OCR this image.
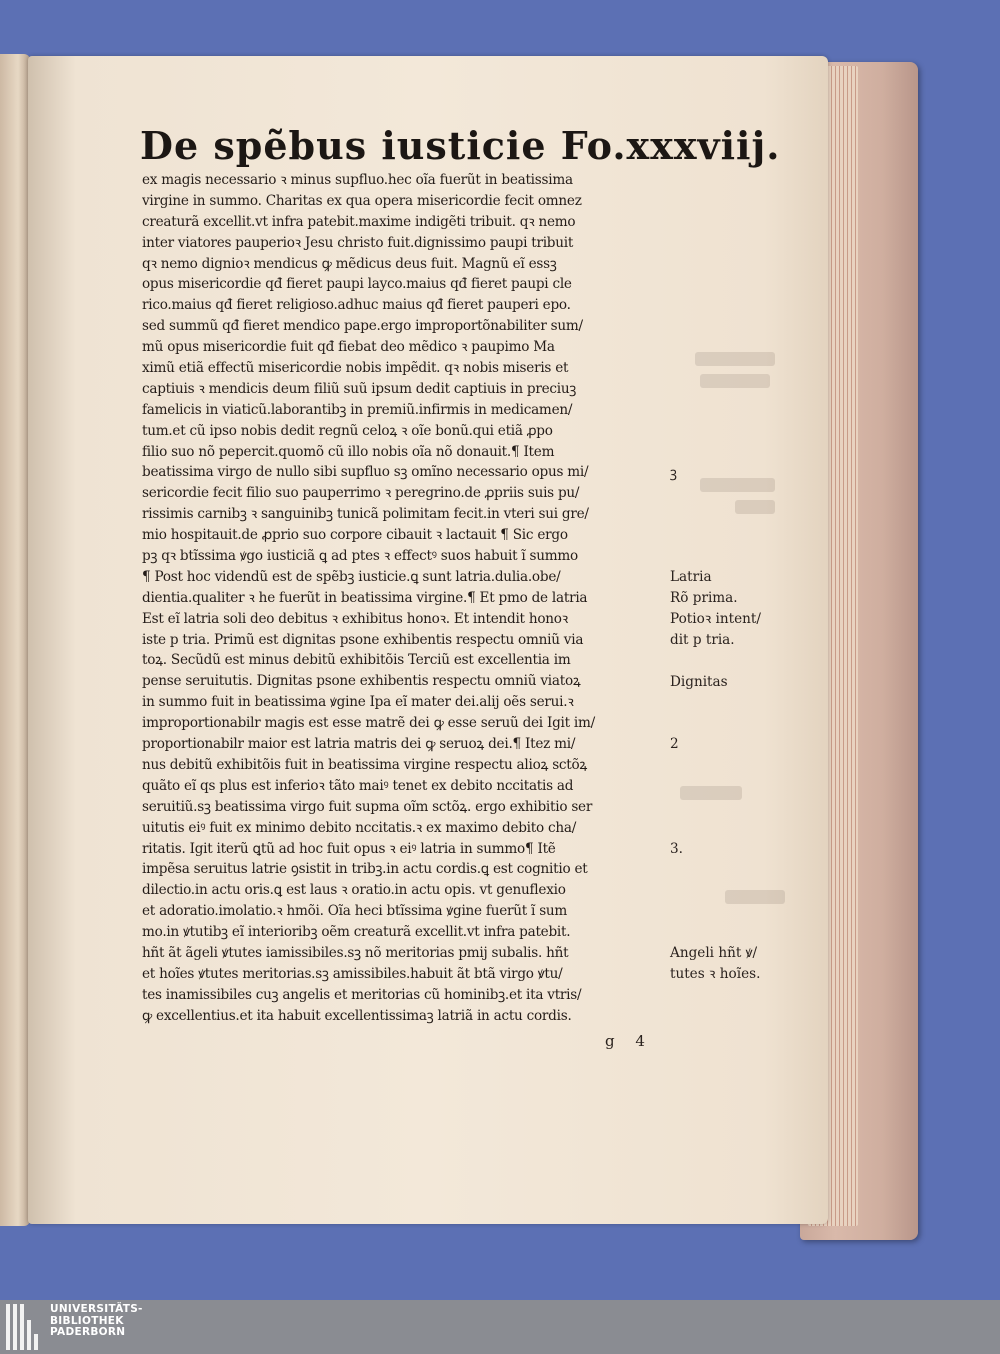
De spẽbus iusticie Fo.xxxviij.
ex magis necessario ꝛ minus supfluo.hec oĩa fuerũt in beatissima
virgine in summo. Charitas ex qua opera misericordie fecit omnez
creaturã excellit.vt infra patebit.maxime indigẽti tribuit. qꝛ nemo
inter viatores pauperioꝛ Jesu christo fuit.dignissimo paupi tribuit
qꝛ nemo dignioꝛ mendicus ꝙ mẽdicus deus fuit. Magnũ eĩ essꝫ
opus misericordie qđ fieret paupi layco.maius qđ fieret paupi cle
rico.maius qđ fieret religioso.adhuc maius qđ fieret pauperi epo.
sed summũ qđ fieret mendico pape.ergo improportõnabiliter sum/
mũ opus misericordie fuit qđ fiebat deo mẽdico ꝛ paupimo Ma
ximũ etiã effectũ misericordie nobis impẽdit. qꝛ nobis miseris et
captiuis ꝛ mendicis deum filiũ suũ ipsum dedit captiuis in preciuꝫ
famelicis in viaticũ.laborantibꝫ in premiũ.infirmis in medicamen/
tum.et cũ ipso nobis dedit regnũ celoꝝ ꝛ oĩe bonũ.qui etiã ꝓpo
filio suo nõ pepercit.quomõ cũ illo nobis oĩa nõ donauit.¶ Item
beatissima virgo de nullo sibi supfluo sꝫ omĩno necessario opus mi/
sericordie fecit filio suo pauperrimo ꝛ peregrino.de ꝓpriis suis pu/
rissimis carnibꝫ ꝛ sanguinibꝫ tunicã polimitam fecit.in vteri sui gre/
mio hospitauit.de ꝓprio suo corpore cibauit ꝛ lactauit ¶ Sic ergo
pꝫ qꝛ btĩssima ꝟgo iusticiã ꝗ ad ptes ꝛ effectꝰ suos habuit ĩ summo
¶ Post hoc videndũ est de spẽbꝫ iusticie.ꝗ sunt latria.dulia.obe/
dientia.qualiter ꝛ he fuerũt in beatissima virgine.¶ Et pmo de latria
Est eĩ latria soli deo debitus ꝛ exhibitus honoꝛ. Et intendit honoꝛ
iste p tria. Primũ est dignitas psone exhibentis respectu omniũ via
toꝝ. Secũdũ est minus debitũ exhibitõis Terciũ est excellentia im
pense seruitutis. Dignitas psone exhibentis respectu omniũ viatoꝝ
in summo fuit in beatissima ꝟgine Ipa eĩ mater dei.alij oẽs serui.ꝛ
improportionabilr magis est esse matrẽ dei ꝙ esse seruũ dei Igit im/
proportionabilr maior est latria matris dei ꝙ seruoꝝ dei.¶ Itez mi/
nus debitũ exhibitõis fuit in beatissima virgine respectu alioꝝ sctõꝝ
quãto eĩ qs plus est inferioꝛ tãto maiꝰ tenet ex debito nccitatis ad
seruitiũ.sꝫ beatissima virgo fuit supma oĩm sctõꝝ. ergo exhibitio ser
uitutis eiꝰ fuit ex minimo debito nccitatis.ꝛ ex maximo debito cha/
ritatis. Igit iterũ ꝗtũ ad hoc fuit opus ꝛ eiꝰ latria in summo¶ Itẽ
impẽsa seruitus latrie ꝯsistit in tribꝫ.in actu cordis.ꝗ est cognitio et
dilectio.in actu oris.ꝗ est laus ꝛ oratio.in actu opis. vt genuflexio
et adoratio.imolatio.ꝛ hmõi. Oĩa heci btĩssima ꝟgine fuerũt ĩ sum
mo.in ꝟtutibꝫ eĩ interioribꝫ oẽm creaturã excellit.vt infra patebit.
hñt ãt ãgeli ꝟtutes iamissibiles.sꝫ nõ meritorias pmij subalis. hñt
et hoĩes ꝟtutes meritorias.sꝫ amissibiles.habuit ãt btã virgo ꝟtu/
tes inamissibiles cuꝫ angelis et meritorias cũ hominibꝫ.et ita vtris/
ꝙ excellentius.et ita habuit excellentissimaꝫ latriã in actu cordis.
ꝫ
Latria
Rõ prima.
Potioꝛ intent/
dit p tria.
Dignitas
2
3.
Angeli hñt ꝟ/
tutes ꝛ hoĩes.
g 4
UNIVERSITÄTS-
BIBLIOTHEK
PADERBORN
